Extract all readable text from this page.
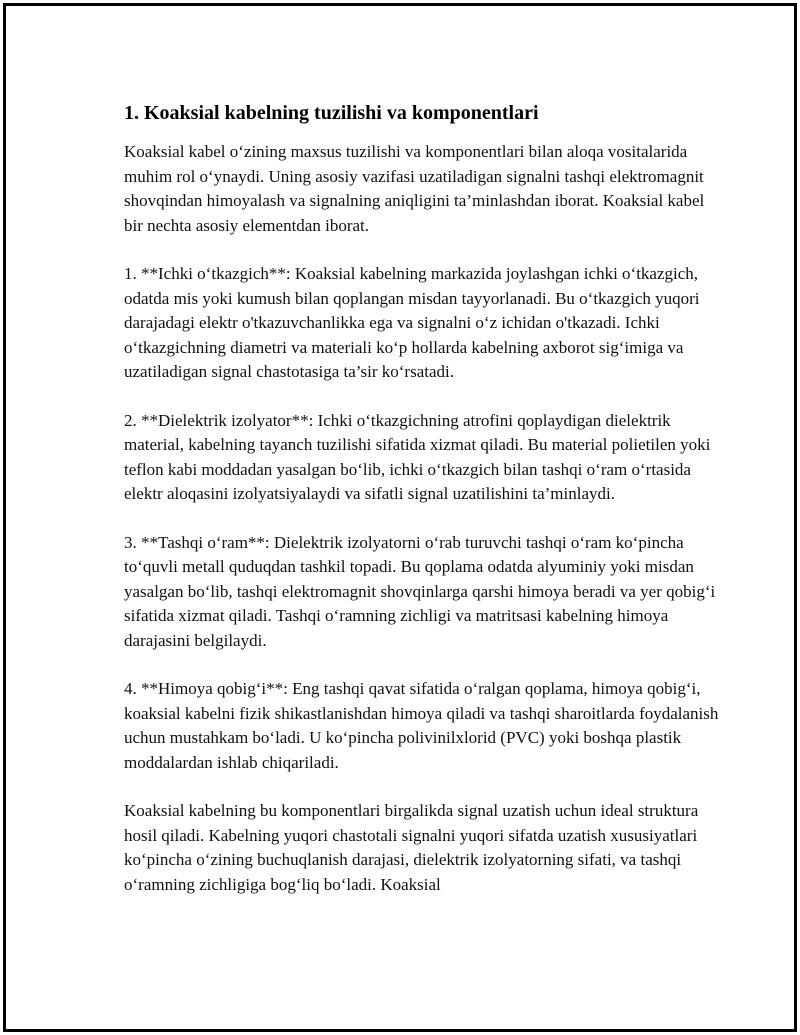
1. Koaksial kabelning tuzilishi va komponentlari

Koaksial kabel o‘zining maxsus tuzilishi va komponentlari bilan aloqa vositalarida muhim rol o‘ynaydi. Uning asosiy vazifasi uzatiladigan signalni tashqi elektromagnit shovqindan himoyalash va signalning aniqligini ta’minlashdan iborat. Koaksial kabel bir nechta asosiy elementdan iborat.

1. **Ichki o‘tkazgich**: Koaksial kabelning markazida joylashgan ichki o‘tkazgich, odatda mis yoki kumush bilan qoplangan misdan tayyorlanadi. Bu o‘tkazgich yuqori darajadagi elektr o'tkazuvchanlikka ega va signalni o‘z ichidan o'tkazadi. Ichki o‘tkazgichning diametri va materiali ko‘p hollarda kabelning axborot sig‘imiga va uzatiladigan signal chastotasiga ta’sir ko‘rsatadi.

2. **Dielektrik izolyator**: Ichki o‘tkazgichning atrofini qoplaydigan dielektrik material, kabelning tayanch tuzilishi sifatida xizmat qiladi. Bu material polietilen yoki teflon kabi moddadan yasalgan bo‘lib, ichki o‘tkazgich bilan tashqi o‘ram o‘rtasida elektr aloqasini izolyatsiyalaydi va sifatli signal uzatilishini ta’minlaydi.

3. **Tashqi o‘ram**: Dielektrik izolyatorni o‘rab turuvchi tashqi o‘ram ko‘pincha to‘quvli metall quduqdan tashkil topadi. Bu qoplama odatda alyuminiy yoki misdan yasalgan bo‘lib, tashqi elektromagnit shovqinlarga qarshi himoya beradi va yer qobig‘i sifatida xizmat qiladi. Tashqi o‘ramning zichligi va matritsasi kabelning himoya darajasini belgilaydi.

4. **Himoya qobig‘i**: Eng tashqi qavat sifatida o‘ralgan qoplama, himoya qobig‘i, koaksial kabelni fizik shikastlanishdan himoya qiladi va tashqi sharoitlarda foydalanish uchun mustahkam bo‘ladi. U ko‘pincha polivinilxlorid (PVC) yoki boshqa plastik moddalardan ishlab chiqariladi.

Koaksial kabelning bu komponentlari birgalikda signal uzatish uchun ideal struktura hosil qiladi. Kabelning yuqori chastotali signalni yuqori sifatda uzatish xususiyatlari ko‘pincha o‘zining buchuqlanish darajasi, dielektrik izolyatorning sifati, va tashqi o‘ramning zichligiga bog‘liq bo‘ladi. Koaksial
